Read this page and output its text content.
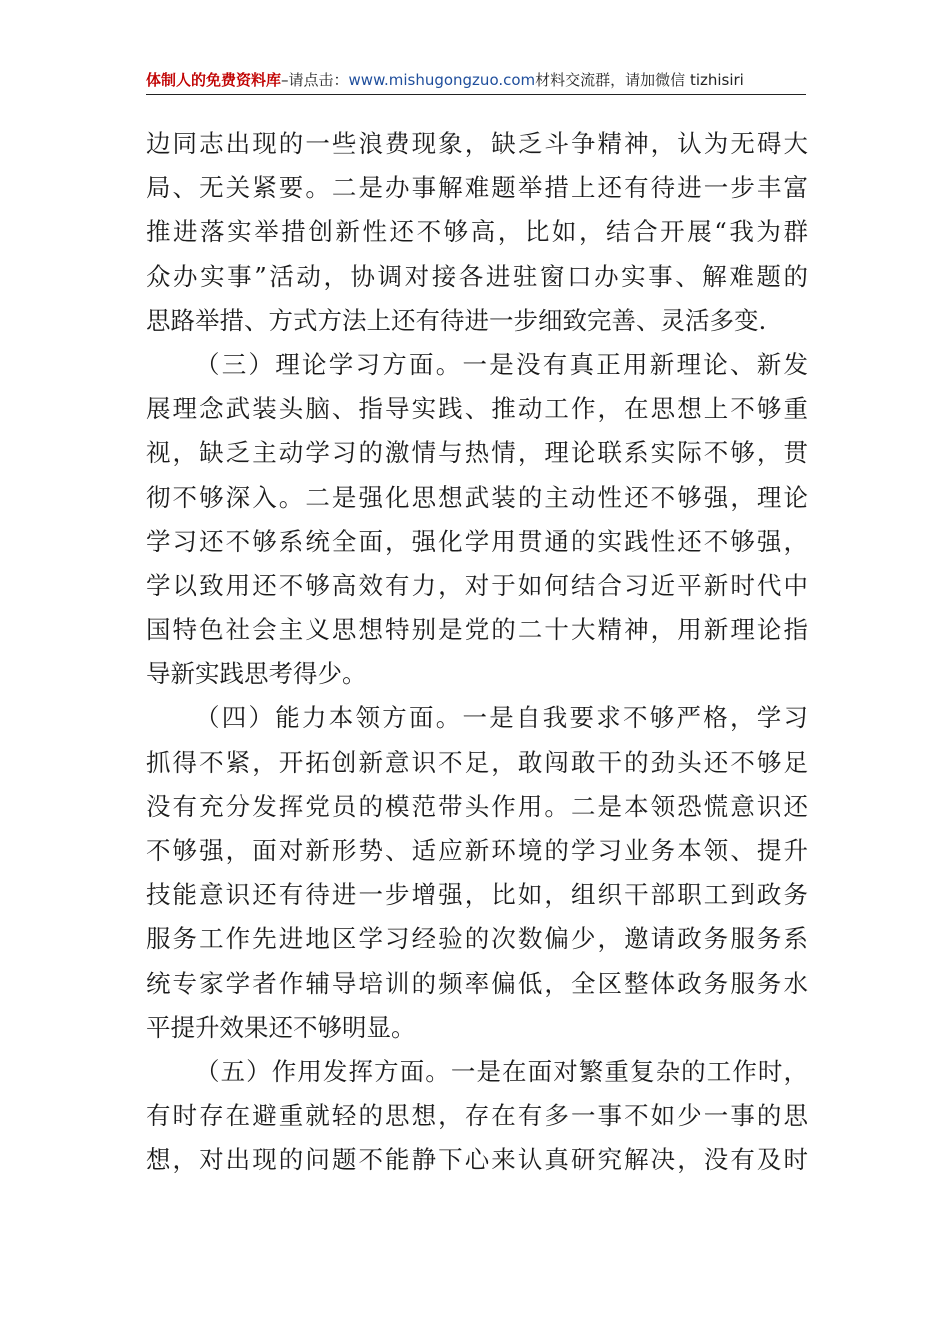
体制人的免费资料库–请点击：www.mishugongzuo.com材料交流群，请加微信 tizhisiri
边同志出现的一些浪费现象，缺乏斗争精神，认为无碍大
局、无关紧要。二是办事解难题举措上还有待进一步丰富
推进落实举措创新性还不够高，比如，结合开展“我为群
众办实事”活动，协调对接各进驻窗口办实事、解难题的
思路举措、方式方法上还有待进一步细致完善、灵活多变.
（三）理论学习方面。一是没有真正用新理论、新发
展理念武装头脑、指导实践、推动工作，在思想上不够重
视，缺乏主动学习的激情与热情，理论联系实际不够，贯
彻不够深入。二是强化思想武装的主动性还不够强，理论
学习还不够系统全面，强化学用贯通的实践性还不够强，
学以致用还不够高效有力，对于如何结合习近平新时代中
国特色社会主义思想特别是党的二十大精神，用新理论指
导新实践思考得少。
（四）能力本领方面。一是自我要求不够严格，学习
抓得不紧，开拓创新意识不足，敢闯敢干的劲头还不够足
没有充分发挥党员的模范带头作用。二是本领恐慌意识还
不够强，面对新形势、适应新环境的学习业务本领、提升
技能意识还有待进一步增强，比如，组织干部职工到政务
服务工作先进地区学习经验的次数偏少，邀请政务服务系
统专家学者作辅导培训的频率偏低，全区整体政务服务水
平提升效果还不够明显。
（五）作用发挥方面。一是在面对繁重复杂的工作时，
有时存在避重就轻的思想，存在有多一事不如少一事的思
想，对出现的问题不能静下心来认真研究解决，没有及时
